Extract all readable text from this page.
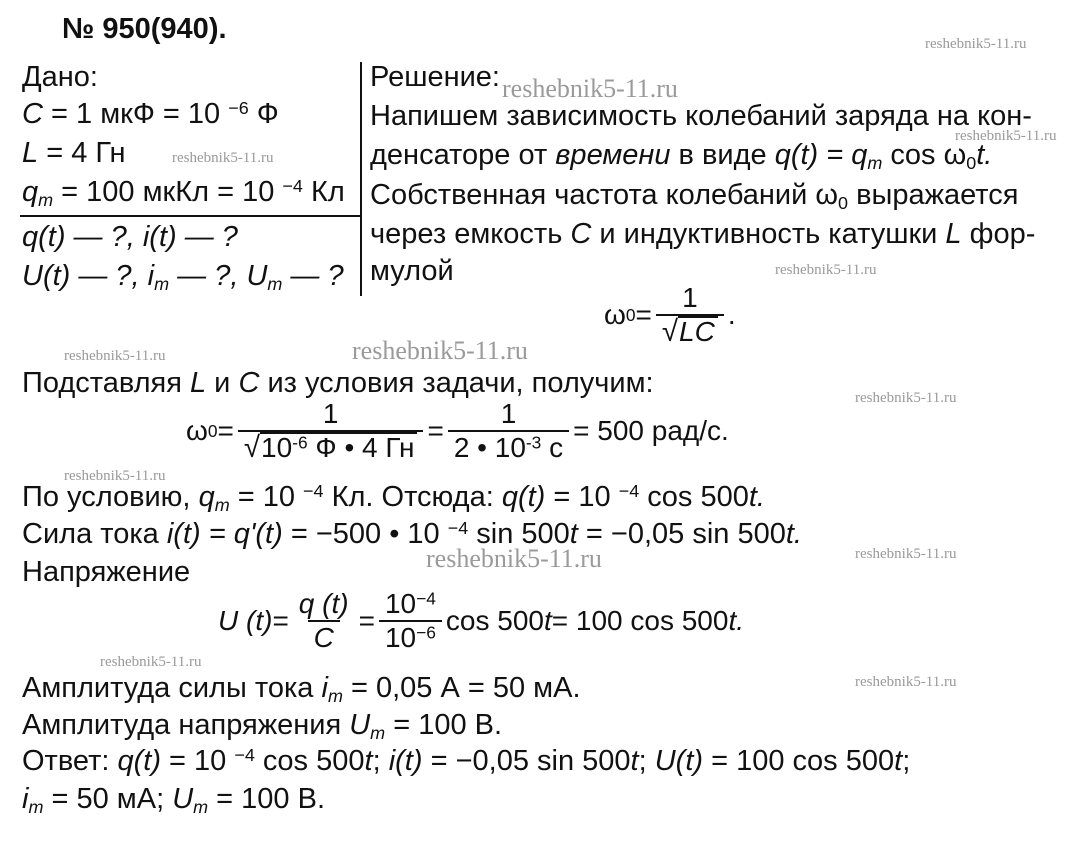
№ 950(940).	reshebnik5-11.ru
reshebnik5-11.ru
reshebnik5-11.ru
reshebnik5-11.ru
reshebnik5-11.ru
reshebnik5-11.ru	reshebnik5-11.ru
reshebnik5-11.ru
reshebnik5-11.ru
reshebnik5-11.ru	reshebnik5-11.ru
reshebnik5-11.ru
reshebnik5-11.ru
Дано:
C = 1 мкФ = 10 $^{-6}$ Ф
L = 4 Гн
$q_m = 100$ мкКл = 10 $^{-4}$ Кл
q(t) — ?, i(t) — ?
U(t) — ?, $i_m$ — ?, $U_m$ — ?
Решение:
Напишем зависимость колебаний заряда на кон-
денсаторе от времени в виде $q(t) = q_m$ $\cos \omega_0t$.
Собственная частота колебаний $\omega_0$ выражается
через емкость C и индуктивность катушки L фор-
мулой
ω $0 = \frac{1}{√LC}$ .
Подставляя L и C из условия задачи, получим:
ω $0 = \frac{1}{√10^{-6} Ф • 4 Гн} = \frac{1}{2 • 10^{-3} с} = 500$ рад/с.
По условию, $q_m = 10$ $^{-4}$ Кл. Отсюда: q(t) = 10 $^{-4}$ cos 500t.
Сила тока i(t) = q'(t) = −500 • 10 $^{-4}$ sin 500t = −0,05 sin 500t.
Напряжение
U $(t) = \frac{q (t)}{C} = \frac{10^{-4}}{10^{-6}}$ cos 500 t = 100 cos 500 t.
Амплитуда силы тока $i_m = 0,05$ А = 50 мА.
Амплитуда напряжения $U_m = 100$ В.
Ответ: q(t) = 10 $^{-4}$ cos 500t; i(t) = −0,05 sin 500t; U(t) = 100 cos 500t;
$i_m = 50$ мА; $U_m = 100$ В.
